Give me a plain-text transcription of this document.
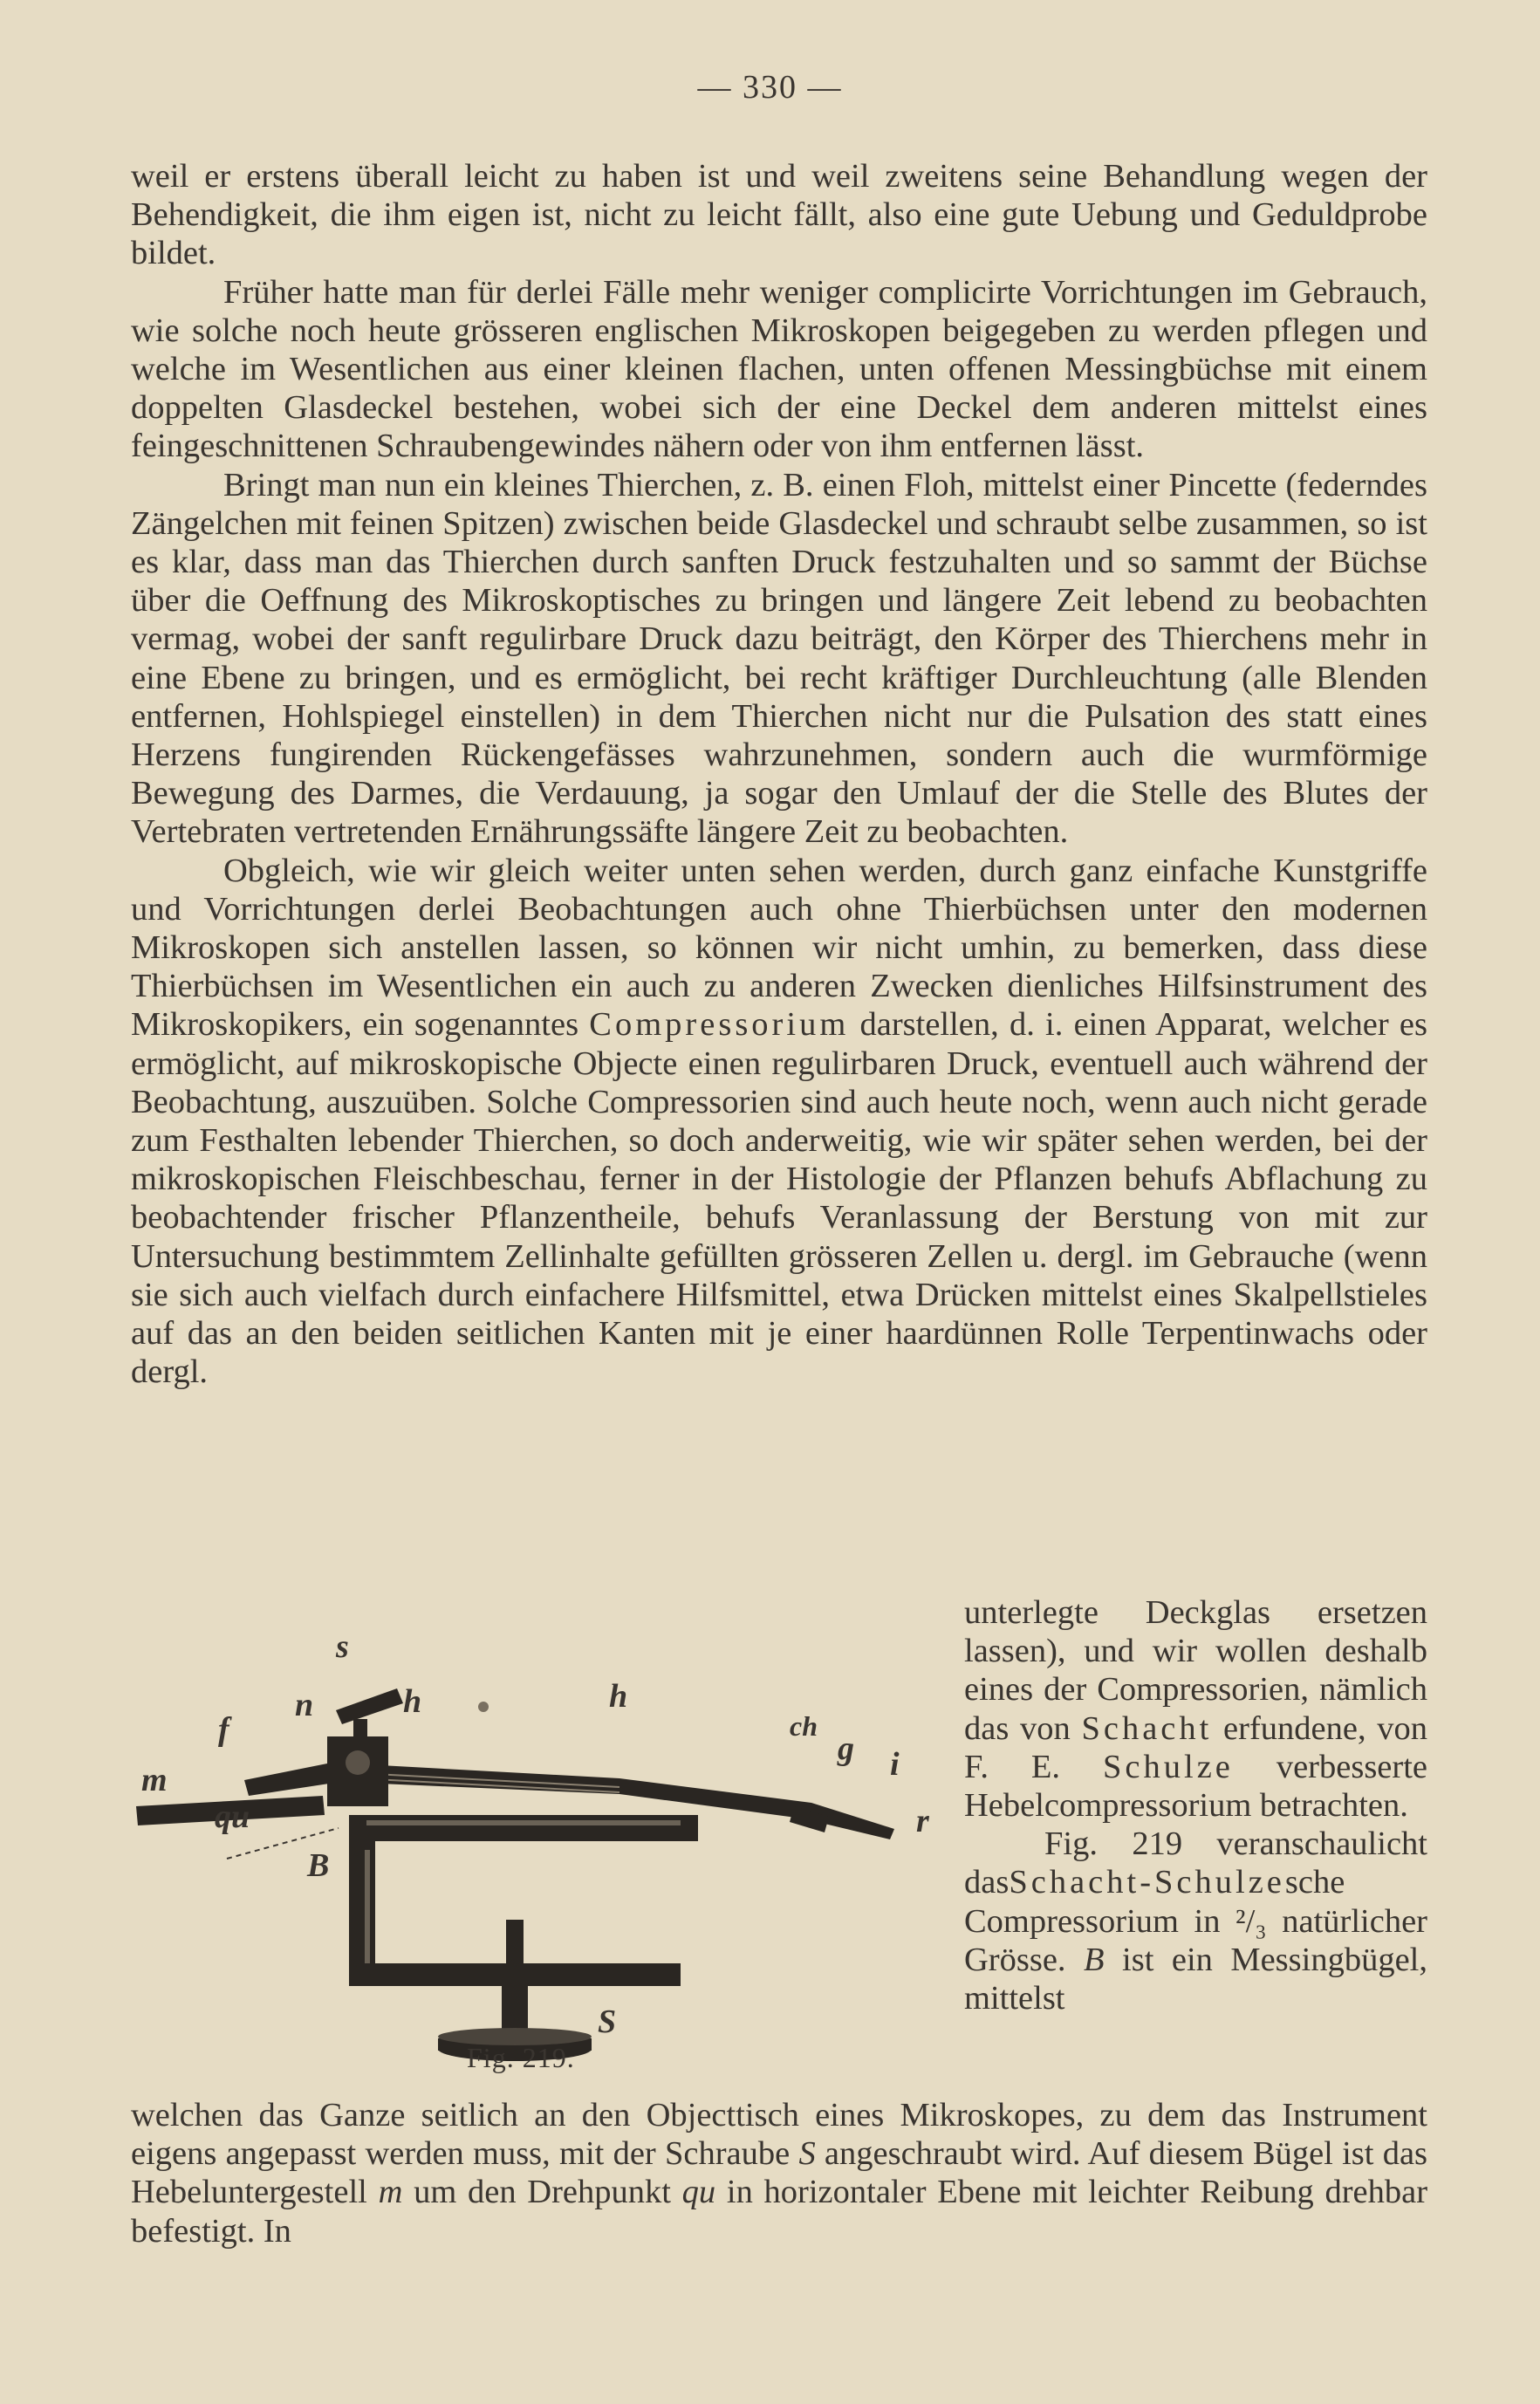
— 330 —

weil er erstens überall leicht zu haben ist und weil zweitens seine Behandlung wegen der Behendigkeit, die ihm eigen ist, nicht zu leicht fällt, also eine gute Uebung und Geduldprobe bildet.

Früher hatte man für derlei Fälle mehr weniger complicirte Vorrichtungen im Gebrauch, wie solche noch heute grösseren englischen Mikroskopen beigegeben zu werden pflegen und welche im Wesentlichen aus einer kleinen flachen, unten offenen Messingbüchse mit einem doppelten Glasdeckel bestehen, wobei sich der eine Deckel dem anderen mittelst eines feingeschnittenen Schraubengewindes nähern oder von ihm entfernen lässt.

Bringt man nun ein kleines Thierchen, z. B. einen Floh, mittelst einer Pincette (federndes Zängelchen mit feinen Spitzen) zwischen beide Glasdeckel und schraubt selbe zusammen, so ist es klar, dass man das Thierchen durch sanften Druck festzuhalten und so sammt der Büchse über die Oeffnung des Mikroskoptisches zu bringen und längere Zeit lebend zu beobachten vermag, wobei der sanft regulirbare Druck dazu beiträgt, den Körper des Thierchens mehr in eine Ebene zu bringen, und es ermöglicht, bei recht kräftiger Durchleuchtung (alle Blenden entfernen, Hohlspiegel einstellen) in dem Thierchen nicht nur die Pulsation des statt eines Herzens fungirenden Rückengefässes wahrzunehmen, sondern auch die wurmförmige Bewegung des Darmes, die Verdauung, ja sogar den Umlauf der die Stelle des Blutes der Vertebraten vertretenden Ernährungssäfte längere Zeit zu beobachten.

Obgleich, wie wir gleich weiter unten sehen werden, durch ganz einfache Kunstgriffe und Vorrichtungen derlei Beobachtungen auch ohne Thierbüchsen unter den modernen Mikroskopen sich anstellen lassen, so können wir nicht umhin, zu bemerken, dass diese Thierbüchsen im Wesentlichen ein auch zu anderen Zwecken dienliches Hilfsinstrument des Mikroskopikers, ein sogenanntes Compressorium darstellen, d. i. einen Apparat, welcher es ermöglicht, auf mikroskopische Objecte einen regulirbaren Druck, eventuell auch während der Beobachtung, auszuüben. Solche Compressorien sind auch heute noch, wenn auch nicht gerade zum Festhalten lebender Thierchen, so doch anderweitig, wie wir später sehen werden, bei der mikroskopischen Fleischbeschau, ferner in der Histologie der Pflanzen behufs Abflachung zu beobachtender frischer Pflanzentheile, behufs Veranlassung der Berstung von mit zur Untersuchung bestimmtem Zellinhalte gefüllten grösseren Zellen u. dergl. im Gebrauche (wenn sie sich auch vielfach durch einfachere Hilfsmittel, etwa Drücken mittelst eines Skalpellstieles auf das an den beiden seitlichen Kanten mit je einer haardünnen Rolle Terpentinwachs oder dergl.

s
n	h	h
f	ch
g i
m
r
qu
B
S
Fig. 219.

unterlegte Deckglas ersetzen lassen), und wir wollen deshalb eines der Compressorien, nämlich das von Schacht erfundene, von F. E. Schulze verbesserte Hebelcompressorium betrachten.

Fig. 219 veranschaulicht dasSchacht-Schulzesche Compressorium in ²/₃ natürlicher Grösse. B ist ein Messingbügel, mittelst

welchen das Ganze seitlich an den Objecttisch eines Mikroskopes, zu dem das Instrument eigens angepasst werden muss, mit der Schraube S angeschraubt wird. Auf diesem Bügel ist das Hebeluntergestell m um den Drehpunkt qu in horizontaler Ebene mit leichter Reibung drehbar befestigt. In
